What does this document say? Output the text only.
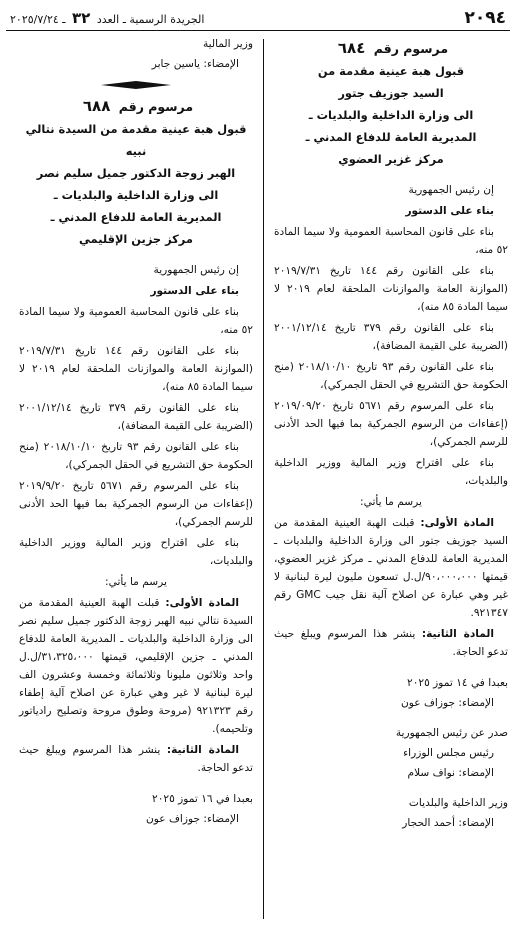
٢٠٩٤
الجريدة الرسمية ـ العدد ٣٢ ـ ٢٠٢٥/٧/٢٤
مرسوم رقم ٦٨٤
قبول هبة عينية مقدمة من
السيد جوزيف جتور
الى وزارة الداخلية والبلديات ـ
المديرية العامة للدفاع المدني ـ
مركز غزير العضوي
إن رئيس الجمهورية
بناء على الدستور
بناء على قانون المحاسبة العمومية ولا سيما المادة ٥٢ منه،
بناء على القانون رقم ١٤٤ تاريخ ٢٠١٩/٧/٣١ (الموازنة العامة والموازنات الملحقة لعام ٢٠١٩ لا سيما المادة ٨٥ منه)،
بناء على القانون رقم ٣٧٩ تاريخ ٢٠٠١/١٢/١٤ (الضريبة على القيمة المضافة)،
بناء على القانون رقم ٩٣ تاريخ ٢٠١٨/١٠/١٠ (منح الحكومة حق التشريع في الحقل الجمركي)،
بناء على المرسوم رقم ٥٦٧١ تاريخ ٢٠١٩/٠٩/٢٠ (إعفاءات من الرسوم الجمركية بما فيها الحد الأدنى للرسم الجمركي)،
بناء على اقتراح وزير المالية ووزير الداخلية والبلديات،
يرسم ما يأتي:
المادة الأولى: قبلت الهبة العينية المقدمة من السيد جوزيف جتور الى وزارة الداخلية والبلديات ـ المديرية العامة للدفاع المدني ـ مركز غزير العضوي، قيمتها ٩٠،٠٠٠،٠٠٠/ل.ل تسعون مليون ليرة لبنانية لا غير وهي عبارة عن اصلاح آلية نقل جيب GMC رقم ٩٢١٣٤٧.
المادة الثانية: ينشر هذا المرسوم ويبلغ حيث تدعو الحاجة.
بعبدا في ١٤ تموز ٢٠٢٥
الإمضاء: جوزاف عون
صدر عن رئيس الجمهورية
رئيس مجلس الوزراء
الإمضاء: نواف سلام
وزير الداخلية والبلديات
الإمضاء: أحمد الحجار
وزير المالية
الإمضاء: ياسين جابر
مرسوم رقم ٦٨٨
قبول هبة عينية مقدمة من السيدة نتالي نبيه
الهبر زوجة الدكتور جميل سليم نصر
الى وزارة الداخلية والبلديات ـ
المديرية العامة للدفاع المدني ـ
مركز جزين الإقليمي
إن رئيس الجمهورية
بناء على الدستور
بناء على قانون المحاسبة العمومية ولا سيما المادة ٥٢ منه،
بناء على القانون رقم ١٤٤ تاريخ ٢٠١٩/٧/٣١ (الموازنة العامة والموازنات الملحقة لعام ٢٠١٩ لا سيما المادة ٨٥ منه)،
بناء على القانون رقم ٣٧٩ تاريخ ٢٠٠١/١٢/١٤ (الضريبة على القيمة المضافة)،
بناء على القانون رقم ٩٣ تاريخ ٢٠١٨/١٠/١٠ (منح الحكومة حق التشريع في الحقل الجمركي)،
بناء على المرسوم رقم ٥٦٧١ تاريخ ٢٠١٩/٩/٢٠ (إعفاءات من الرسوم الجمركية بما فيها الحد الأدنى للرسم الجمركي)،
بناء على اقتراح وزير المالية ووزير الداخلية والبلديات،
يرسم ما يأتي:
المادة الأولى: قبلت الهبة العينية المقدمة من السيدة نتالي نبيه الهبر زوجة الدكتور جميل سليم نصر الى وزارة الداخلية والبلديات ـ المديرية العامة للدفاع المدني ـ جزين الإقليمي، قيمتها ٣١،٣٢٥،٠٠٠/ل.ل واحد وثلاثون مليونا وثلاثمائة وخمسة وعشرون الف ليرة لبنانية لا غير وهي عبارة عن اصلاح آلية إطفاء رقم ٩٢١٣٢٣ (مروحة وطوق مروحة وتصليح رادياتور وتلحيمه).
المادة الثانية: ينشر هذا المرسوم ويبلغ حيث تدعو الحاجة.
بعبدا في ١٦ تموز ٢٠٢٥
الإمضاء: جوزاف عون
